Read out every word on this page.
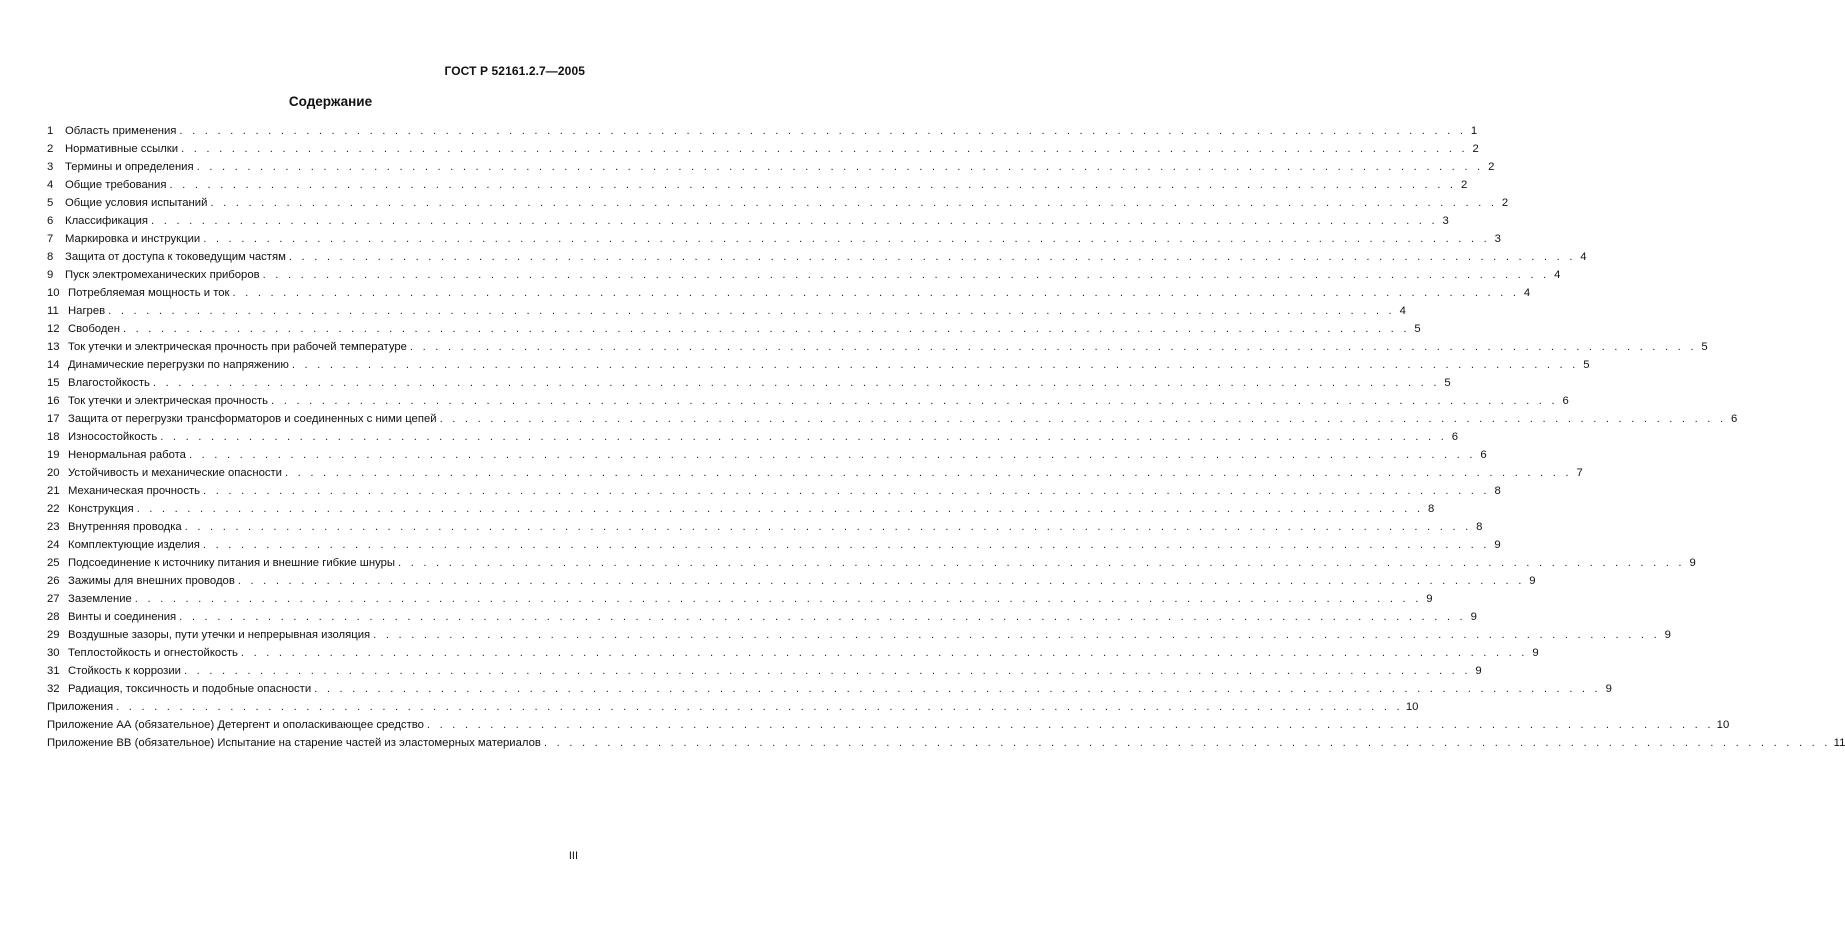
ГОСТ Р 52161.2.7—2005
Содержание
1	Область применения . . . . . . . . . . . . . . . . . . . . . . . . . . . . . . . . . . . . . . . . . . . . . . . . . . . . . . . . . . . . . . . . . . . . . . . . . . . . . . . . . . . . . . . . . . . . . . . . . . . . . . 1
2	Нормативные ссылки . . . . . . . . . . . . . . . . . . . . . . . . . . . . . . . . . . . . . . . . . . . . . . . . . . . . . . . . . . . . . . . . . . . . . . . . . . . . . . . . . . . . . . . . . . . . . . . . . . . . . . 2
3	Термины и определения . . . . . . . . . . . . . . . . . . . . . . . . . . . . . . . . . . . . . . . . . . . . . . . . . . . . . . . . . . . . . . . . . . . . . . . . . . . . . . . . . . . . . . . . . . . . . . . . . . . . . . 2
4	Общие требования . . . . . . . . . . . . . . . . . . . . . . . . . . . . . . . . . . . . . . . . . . . . . . . . . . . . . . . . . . . . . . . . . . . . . . . . . . . . . . . . . . . . . . . . . . . . . . . . . . . . . . 2
5	Общие условия испытаний . . . . . . . . . . . . . . . . . . . . . . . . . . . . . . . . . . . . . . . . . . . . . . . . . . . . . . . . . . . . . . . . . . . . . . . . . . . . . . . . . . . . . . . . . . . . . . . . . . . . . . 2
6	Классификация . . . . . . . . . . . . . . . . . . . . . . . . . . . . . . . . . . . . . . . . . . . . . . . . . . . . . . . . . . . . . . . . . . . . . . . . . . . . . . . . . . . . . . . . . . . . . . . . . . . . . . 3
7	Маркировка и инструкции . . . . . . . . . . . . . . . . . . . . . . . . . . . . . . . . . . . . . . . . . . . . . . . . . . . . . . . . . . . . . . . . . . . . . . . . . . . . . . . . . . . . . . . . . . . . . . . . . . . . . . 3
8	Защита от доступа к токоведущим частям . . . . . . . . . . . . . . . . . . . . . . . . . . . . . . . . . . . . . . . . . . . . . . . . . . . . . . . . . . . . . . . . . . . . . . . . . . . . . . . . . . . . . . . . . . . . . . . . . . . . . . 4
9	Пуск электромеханических приборов . . . . . . . . . . . . . . . . . . . . . . . . . . . . . . . . . . . . . . . . . . . . . . . . . . . . . . . . . . . . . . . . . . . . . . . . . . . . . . . . . . . . . . . . . . . . . . . . . . . . . . 4
10 Потребляемая мощность и ток . . . . . . . . . . . . . . . . . . . . . . . . . . . . . . . . . . . . . . . . . . . . . . . . . . . . . . . . . . . . . . . . . . . . . . . . . . . . . . . . . . . . . . . . . . . . . . . . . . . . . . 4
11 Нагрев . . . . . . . . . . . . . . . . . . . . . . . . . . . . . . . . . . . . . . . . . . . . . . . . . . . . . . . . . . . . . . . . . . . . . . . . . . . . . . . . . . . . . . . . . . . . . . . . . . . . . . 4
12 Свободен . . . . . . . . . . . . . . . . . . . . . . . . . . . . . . . . . . . . . . . . . . . . . . . . . . . . . . . . . . . . . . . . . . . . . . . . . . . . . . . . . . . . . . . . . . . . . . . . . . . . . . 5
13 Ток утечки и электрическая прочность при рабочей температуре . . . . . . . . . . . . . . . . . . . . . . . . . . . . . . . . . . . . . . . . . . . . . . . . . . . . . . . . . . . . . . . . . . . . . . . . . . . . . . . . . . . . . . . . . . . . . . . . . . . . . . 5
14 Динамические перегрузки по напряжению . . . . . . . . . . . . . . . . . . . . . . . . . . . . . . . . . . . . . . . . . . . . . . . . . . . . . . . . . . . . . . . . . . . . . . . . . . . . . . . . . . . . . . . . . . . . . . . . . . . . . . 5
15 Влагостойкость . . . . . . . . . . . . . . . . . . . . . . . . . . . . . . . . . . . . . . . . . . . . . . . . . . . . . . . . . . . . . . . . . . . . . . . . . . . . . . . . . . . . . . . . . . . . . . . . . . . . . . 5
16 Ток утечки и электрическая прочность . . . . . . . . . . . . . . . . . . . . . . . . . . . . . . . . . . . . . . . . . . . . . . . . . . . . . . . . . . . . . . . . . . . . . . . . . . . . . . . . . . . . . . . . . . . . . . . . . . . . . . 6
17 Защита от перегрузки трансформаторов и соединенных с ними цепей . . . . . . . . . . . . . . . . . . . . . . . . . . . . . . . . . . . . . . . . . . . . . . . . . . . . . . . . . . . . . . . . . . . . . . . . . . . . . . . . . . . . . . . . . . . . . . . . . . . . . . 6
18 Износостойкость . . . . . . . . . . . . . . . . . . . . . . . . . . . . . . . . . . . . . . . . . . . . . . . . . . . . . . . . . . . . . . . . . . . . . . . . . . . . . . . . . . . . . . . . . . . . . . . . . . . . . . 6
19 Ненормальная работа . . . . . . . . . . . . . . . . . . . . . . . . . . . . . . . . . . . . . . . . . . . . . . . . . . . . . . . . . . . . . . . . . . . . . . . . . . . . . . . . . . . . . . . . . . . . . . . . . . . . . . 6
20 Устойчивость и механические опасности . . . . . . . . . . . . . . . . . . . . . . . . . . . . . . . . . . . . . . . . . . . . . . . . . . . . . . . . . . . . . . . . . . . . . . . . . . . . . . . . . . . . . . . . . . . . . . . . . . . . . . 7
21 Механическая прочность . . . . . . . . . . . . . . . . . . . . . . . . . . . . . . . . . . . . . . . . . . . . . . . . . . . . . . . . . . . . . . . . . . . . . . . . . . . . . . . . . . . . . . . . . . . . . . . . . . . . . . 8
22 Конструкция . . . . . . . . . . . . . . . . . . . . . . . . . . . . . . . . . . . . . . . . . . . . . . . . . . . . . . . . . . . . . . . . . . . . . . . . . . . . . . . . . . . . . . . . . . . . . . . . . . . . . . 8
23 Внутренняя проводка . . . . . . . . . . . . . . . . . . . . . . . . . . . . . . . . . . . . . . . . . . . . . . . . . . . . . . . . . . . . . . . . . . . . . . . . . . . . . . . . . . . . . . . . . . . . . . . . . . . . . . 8
24 Комплектующие изделия . . . . . . . . . . . . . . . . . . . . . . . . . . . . . . . . . . . . . . . . . . . . . . . . . . . . . . . . . . . . . . . . . . . . . . . . . . . . . . . . . . . . . . . . . . . . . . . . . . . . . . 9
25 Подсоединение к источнику питания и внешние гибкие шнуры . . . . . . . . . . . . . . . . . . . . . . . . . . . . . . . . . . . . . . . . . . . . . . . . . . . . . . . . . . . . . . . . . . . . . . . . . . . . . . . . . . . . . . . . . . . . . . . . . . . . . . 9
26 Зажимы для внешних проводов . . . . . . . . . . . . . . . . . . . . . . . . . . . . . . . . . . . . . . . . . . . . . . . . . . . . . . . . . . . . . . . . . . . . . . . . . . . . . . . . . . . . . . . . . . . . . . . . . . . . . . 9
27 Заземление . . . . . . . . . . . . . . . . . . . . . . . . . . . . . . . . . . . . . . . . . . . . . . . . . . . . . . . . . . . . . . . . . . . . . . . . . . . . . . . . . . . . . . . . . . . . . . . . . . . . . . 9
28 Винты и соединения . . . . . . . . . . . . . . . . . . . . . . . . . . . . . . . . . . . . . . . . . . . . . . . . . . . . . . . . . . . . . . . . . . . . . . . . . . . . . . . . . . . . . . . . . . . . . . . . . . . . . . 9
29 Воздушные зазоры, пути утечки и непрерывная изоляция . . . . . . . . . . . . . . . . . . . . . . . . . . . . . . . . . . . . . . . . . . . . . . . . . . . . . . . . . . . . . . . . . . . . . . . . . . . . . . . . . . . . . . . . . . . . . . . . . . . . . . 9
30 Теплостойкость и огнестойкость . . . . . . . . . . . . . . . . . . . . . . . . . . . . . . . . . . . . . . . . . . . . . . . . . . . . . . . . . . . . . . . . . . . . . . . . . . . . . . . . . . . . . . . . . . . . . . . . . . . . . . 9
31 Стойкость к коррозии . . . . . . . . . . . . . . . . . . . . . . . . . . . . . . . . . . . . . . . . . . . . . . . . . . . . . . . . . . . . . . . . . . . . . . . . . . . . . . . . . . . . . . . . . . . . . . . . . . . . . . 9
32 Радиация, токсичность и подобные опасности . . . . . . . . . . . . . . . . . . . . . . . . . . . . . . . . . . . . . . . . . . . . . . . . . . . . . . . . . . . . . . . . . . . . . . . . . . . . . . . . . . . . . . . . . . . . . . . . . . . . . . 9
Приложения . . . . . . . . . . . . . . . . . . . . . . . . . . . . . . . . . . . . . . . . . . . . . . . . . . . . . . . . . . . . . . . . . . . . . . . . . . . . . . . . . . . . . . . . . . . . . . . . . . . . . . 10
Приложение АА (обязательное) Детергент и ополаскивающее средство . . . . . . . . . . . . . . . . . . . . . . . . . . . . . . . . . . . . . . . . . . . . . . . . . . . . . . . . . . . . . . . . . . . . . . . . . . . . . . . . . . . . . . . . . . . . . . . . . . . . . . 10
Приложение ВВ (обязательное) Испытание на старение частей из эластомерных материалов . . . . . . . . . . . . . . . . . . . . . . . . . . . . . . . . . . . . . . . . . . . . . . . . . . . . . . . . . . . . . . . . . . . . . . . . . . . . . . . . . . . . . . . . . . . . . . . . . . . . . . 11
III
